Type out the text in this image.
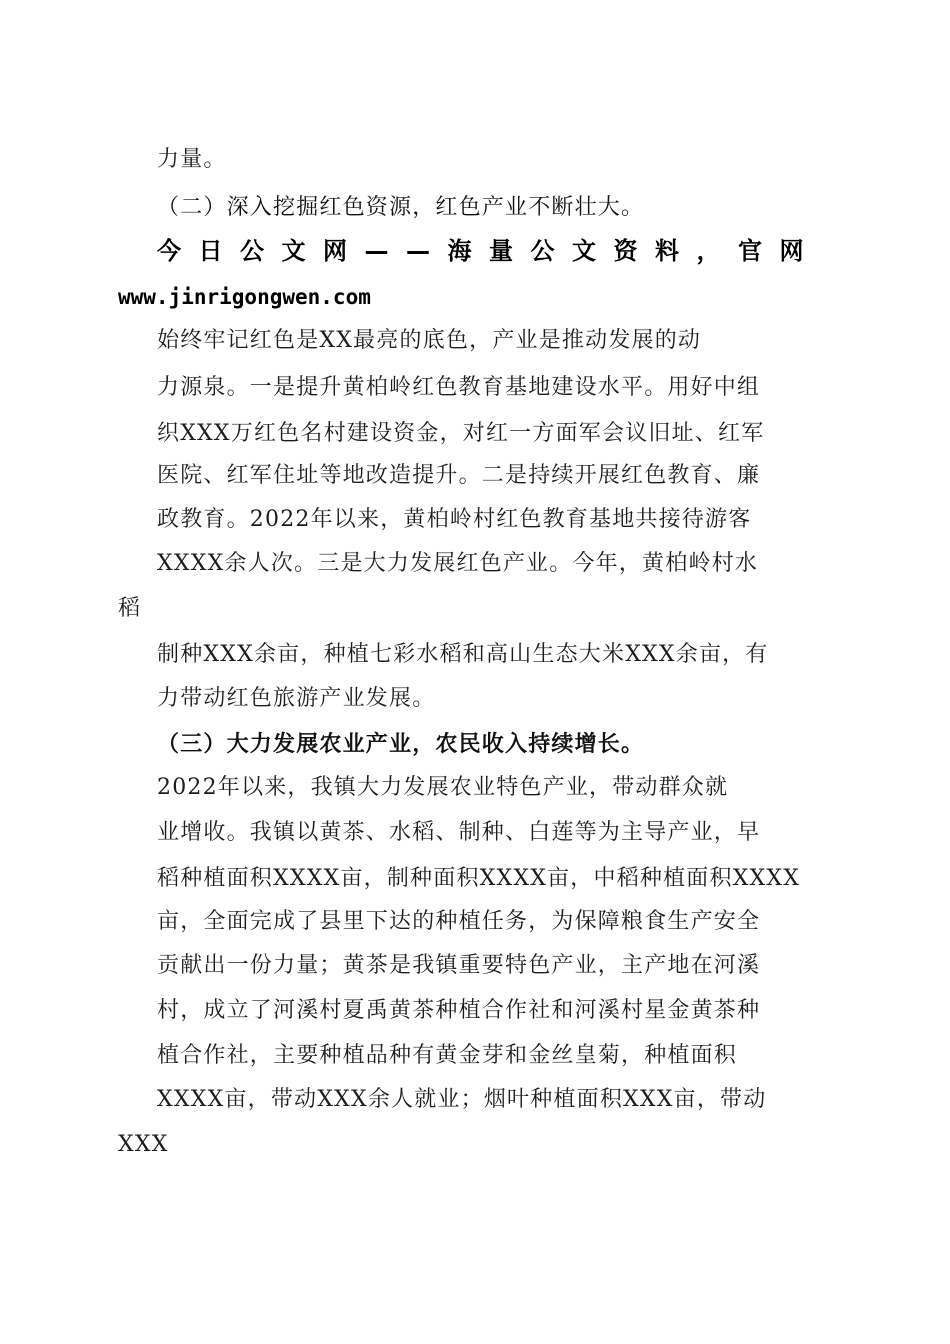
力量。
（二）深入挖掘红色资源，红色产业不断壮大。
今日公文网——海量公文资料，官网
www.jinrigongwen.com
始终牢记红色是XX最亮的底色，产业是推动发展的动
力源泉。一是提升黄柏岭红色教育基地建设水平。用好中组
织XXX万红色名村建设资金，对红一方面军会议旧址、红军
医院、红军住址等地改造提升。二是持续开展红色教育、廉
政教育。2022年以来，黄柏岭村红色教育基地共接待游客
XXXX余人次。三是大力发展红色产业。今年，黄柏岭村水
稻
制种XXX余亩，种植七彩水稻和高山生态大米XXX余亩，有
力带动红色旅游产业发展。
（三）大力发展农业产业，农民收入持续增长。
2022年以来，我镇大力发展农业特色产业，带动群众就
业增收。我镇以黄茶、水稻、制种、白莲等为主导产业，早
稻种植面积XXXX亩，制种面积XXXX亩，中稻种植面积XXXX
亩，全面完成了县里下达的种植任务，为保障粮食生产安全
贡献出一份力量；黄茶是我镇重要特色产业，主产地在河溪
村，成立了河溪村夏禹黄茶种植合作社和河溪村星金黄茶种
植合作社，主要种植品种有黄金芽和金丝皇菊，种植面积
XXXX亩，带动XXX余人就业；烟叶种植面积XXX亩，带动
XXX
